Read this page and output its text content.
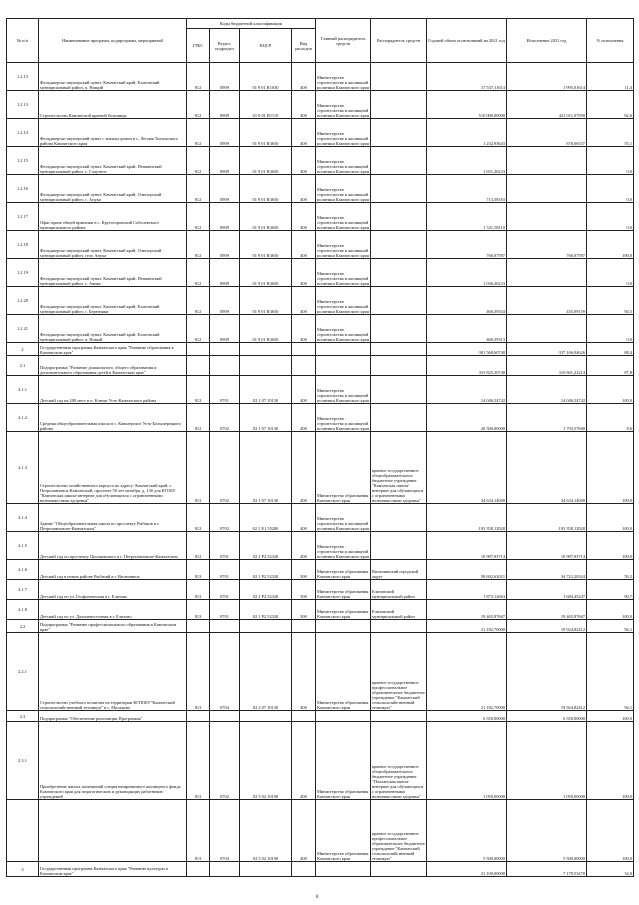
№ п/п	Наименование программ, подпрограмм, мероприятий	Коды бюджетной классификации				Главный распорядитель средств	Распорядитель средств	Годовой объем ассигнований на 2021 год	Исполнение 2021 год	% исполнения
		ГРБС	Раздел, подраздел	КЦСР	Вид расходов					
1.2.13	Фельдшерско-акушерский пункт. Камчатский край, Елизовский муниципальный район, п. Нищий	812	0909	01 9 01 R1030	400	Министерство строительства и жилищной политики Камчатского края		17 537,11614	1 995,01614	11,4
1.2.13	Строительство Камчатской краевой больницы	812	0909	01 9 01 R1110	400	Министерство строительства и жилищной политики Камчатского края		510 000,00000	421 011,07950	82,6
1.2.14	Фельдшерско-акушерский пункт с жилым домом в с. Лесная Тигильского района Камчатского края	812	0909	01 9 01 R3650	400	Министерство строительства и жилищной политики Камчатского края		1 232,93643	678,66537	55,1
1.2.15	Фельдшерско-акушерский пункт. Камчатский край, Пенжинский муниципальный район, с. Слаутное	812	0909	01 9 01 R3650	400	Министерство строительства и жилищной политики Камчатского края		1 651,20223		0,0
1.2.16	Фельдшерско-акушерский пункт. Камчатский край, Олюторский муниципальный район, с. Апука	812	0909	01 9 01 R3650	400	Министерство строительства и жилищной политики Камчатского края		713,58163		0,0
1.2.17	Офис врача общей практики в с. Крутогоровский Соболевского муниципального района	812	0909	01 9 01 R3650	400	Министерство строительства и жилищной политики Камчатского края		1 521,58110		0,0
1.2.18	Фельдшерско-акушерский пункт. Камчатский край, Олюторский муниципальный район, село Анука	812	0909	01 9 01 R3650	400	Министерство строительства и жилищной политики Камчатского края		766,07597	766,07597	100,0
1.2.19	Фельдшерско-акушерский пункт. Камчатский край, Пенжинский муниципальный район, с. Аянка	812	0909	01 9 01 R3650	400	Министерство строительства и жилищной политики Камчатского края		1 036,20223		0,0
1.2.20	Фельдшерско-акушерский пункт. Камчатский край, Елизовский муниципальный район, с. Березняки	812	0909	01 9 01 R3650	400	Министерство строительства и жилищной политики Камчатского края		460,39334	435,09159	94,5
1.2.21	Фельдшерско-акушерский пункт. Камчатский край, Елизовский муниципальный район, п. Новый	812	0909	01 9 01 R3650	400	Министерство строительства и жилищной политики Камчатского края		460,39313		0,0
2	Государственная программа Камчатского края "Развитие образования в Камчатском крае"							381 568,60740	337 166,04626	88,4
2.1	Подпрограмма "Развитие дошкольного, общего образования и дополнительного образования детей в Камчатском крае"							353 825,30740	310 601,22214	87,8
2.1.1	Детский сад на 200 мест в п. Ключи Усть-Камчатского района	812	0701	02 1 07 10130	400	Министерство строительства и жилищной политики Камчатского края		14 046,54742	14 046,54742	100,0
2.1.2	Средняя общеобразовательная школа в с. Кавалерское Усть-Большерецкого района	812	0702	02 1 07 10130	400	Министерство строительства и жилищной политики Камчатского края		20 500,00000	1 793,57600	8,6
2.1.3	Строительство хозяйственного корпуса по адресу: Камчатский край, г. Петропавловск-Камчатский, проспект 50 лет октября, д. 13б для КГОБУ "Камчатская школа-интернат для обучающихся с ограниченными возможностями здоровья"	813	0702	02 1 07 10130	400	Министерство образования Камчатского края	краевое государственное общеобразовательное бюджетное учреждение "Камчатская школа-интернат для обучающихся с ограниченными возможностями здоровья"	34 634,14000	34 634,14000	100,0
2.1.4	Здание "Общеобразовательная школа по проспекту Рыбаков в г. Петропавловске-Камчатском"	812	0702	02 1 E1 55200	400	Министерство строительства и жилищной политики Камчатского края		193 358,12920	193 358,12920	100,0
2.1.5	Детский сад по проспекту Циолковского в г. Петропавловске-Камчатском	812	0701	02 1 P2 52320	400	Министерство строительства и жилищной политики Камчатского края		10 987,83714	10 987,83714	100,0
2.1.6	Детский сад в новом районе Рыбачий в г. Вилючинск	813	0701	02 1 P2 52320	500	Министерство образования Камчатского края	Вилючинский городской округ	58 692,63021	34 722,20324	59,2
2.1.7	Детский сад по ул. Геофизическая в г. Елизово	813	0701	02 1 P2 52320	500	Министерство образования Камчатского края	Елизовский муниципальный район	1 873,12663	1 684,45247	90,7
2.1.8	Детский сад по ул. Дальневосточная в г. Елизово	813	0701	02 1 P2 52320	500	Министерство образования Камчатского края	Елизовский муниципальный район	19 465,87667	19 465,87667	100,0
2.2	Подпрограмма "Развитие профессионального образования в Камчатском крае"							21 182,70000	19 924,82412	94,1
2.2.1	Строительство учебного полигона на территории КГПОБУ"Камчатский сельскохозяйственный техникум" в с. Мильково	813	0704	02 2 07 10130	400	Министерство образования Камчатского края	краевое государственное профессиональное образовательное бюджетное учреждение "Камчатский сельскохозяйственный техникум"	21 182,70000	19 924,82412	94,1
2.3	Подпрограмма "Обеспечение реализации Программы"							6 550,00000	6 550,00000	100,0
2.3.1	Приобретение жилых помещений специализированного жилищного фонда Камчатского края для педагогических и руководящих работников учреждений	813	0702	02 5 02 10190	400	Министерство образования Камчатского края	краевое государственное общеобразовательное бюджетное учреждение "Палланская школа-интернат для обучающихся с ограниченными возможностями здоровья"	1 050,00000	1 050,00000	100,0
		813	0704	02 5 02 10190	400	Министерство образования Камчатского края	краевое государственное профессиональное образовательное бюджетное учреждение "Камчатский сельскохозяйственный техникум"	5 500,00000	5 500,00000	100,0
3	Государственная программа Камчатского края "Развитие культуры в Камчатском крае"							21 100,00000	7 179,53470	34,0
8
